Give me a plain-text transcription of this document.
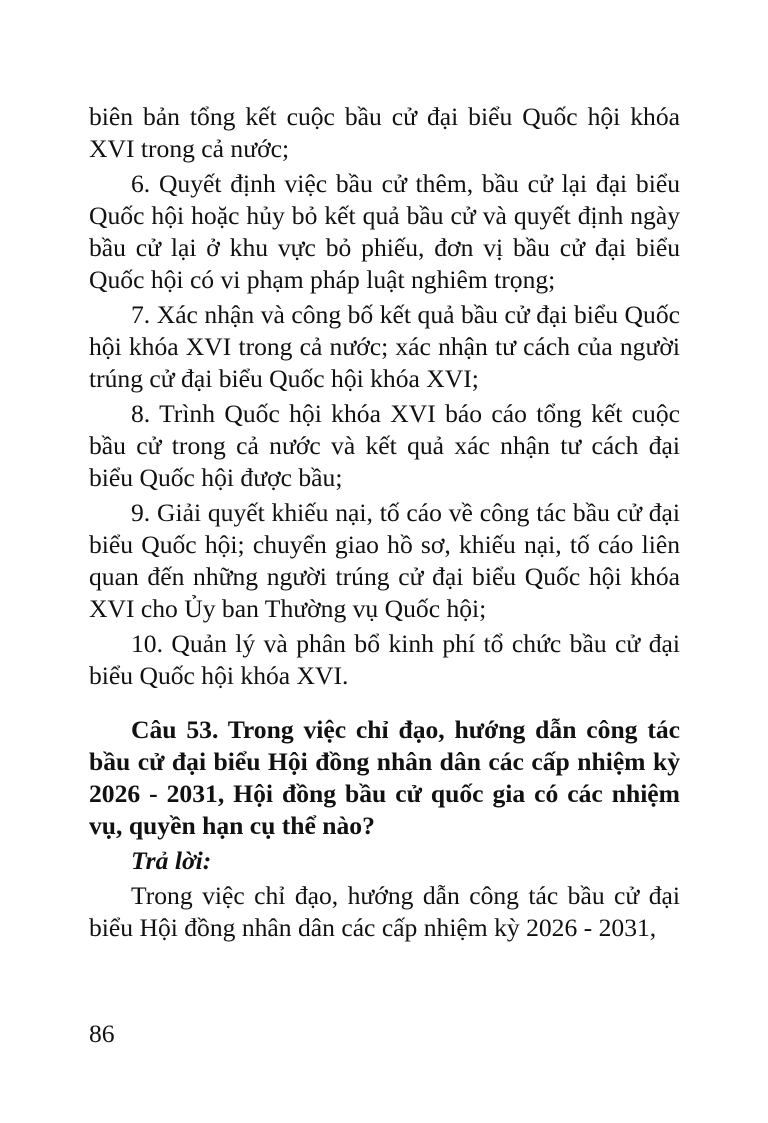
biên bản tổng kết cuộc bầu cử đại biểu Quốc hội khóa XVI trong cả nước;

6. Quyết định việc bầu cử thêm, bầu cử lại đại biểu Quốc hội hoặc hủy bỏ kết quả bầu cử và quyết định ngày bầu cử lại ở khu vực bỏ phiếu, đơn vị bầu cử đại biểu Quốc hội có vi phạm pháp luật nghiêm trọng;

7. Xác nhận và công bố kết quả bầu cử đại biểu Quốc hội khóa XVI trong cả nước; xác nhận tư cách của người trúng cử đại biểu Quốc hội khóa XVI;

8. Trình Quốc hội khóa XVI báo cáo tổng kết cuộc bầu cử trong cả nước và kết quả xác nhận tư cách đại biểu Quốc hội được bầu;

9. Giải quyết khiếu nại, tố cáo về công tác bầu cử đại biểu Quốc hội; chuyển giao hồ sơ, khiếu nại, tố cáo liên quan đến những người trúng cử đại biểu Quốc hội khóa XVI cho Ủy ban Thường vụ Quốc hội;

10. Quản lý và phân bổ kinh phí tổ chức bầu cử đại biểu Quốc hội khóa XVI.

Câu 53. Trong việc chỉ đạo, hướng dẫn công tác bầu cử đại biểu Hội đồng nhân dân các cấp nhiệm kỳ 2026 - 2031, Hội đồng bầu cử quốc gia có các nhiệm vụ, quyền hạn cụ thể nào?

Trả lời:

Trong việc chỉ đạo, hướng dẫn công tác bầu cử đại biểu Hội đồng nhân dân các cấp nhiệm kỳ 2026 - 2031,

86
